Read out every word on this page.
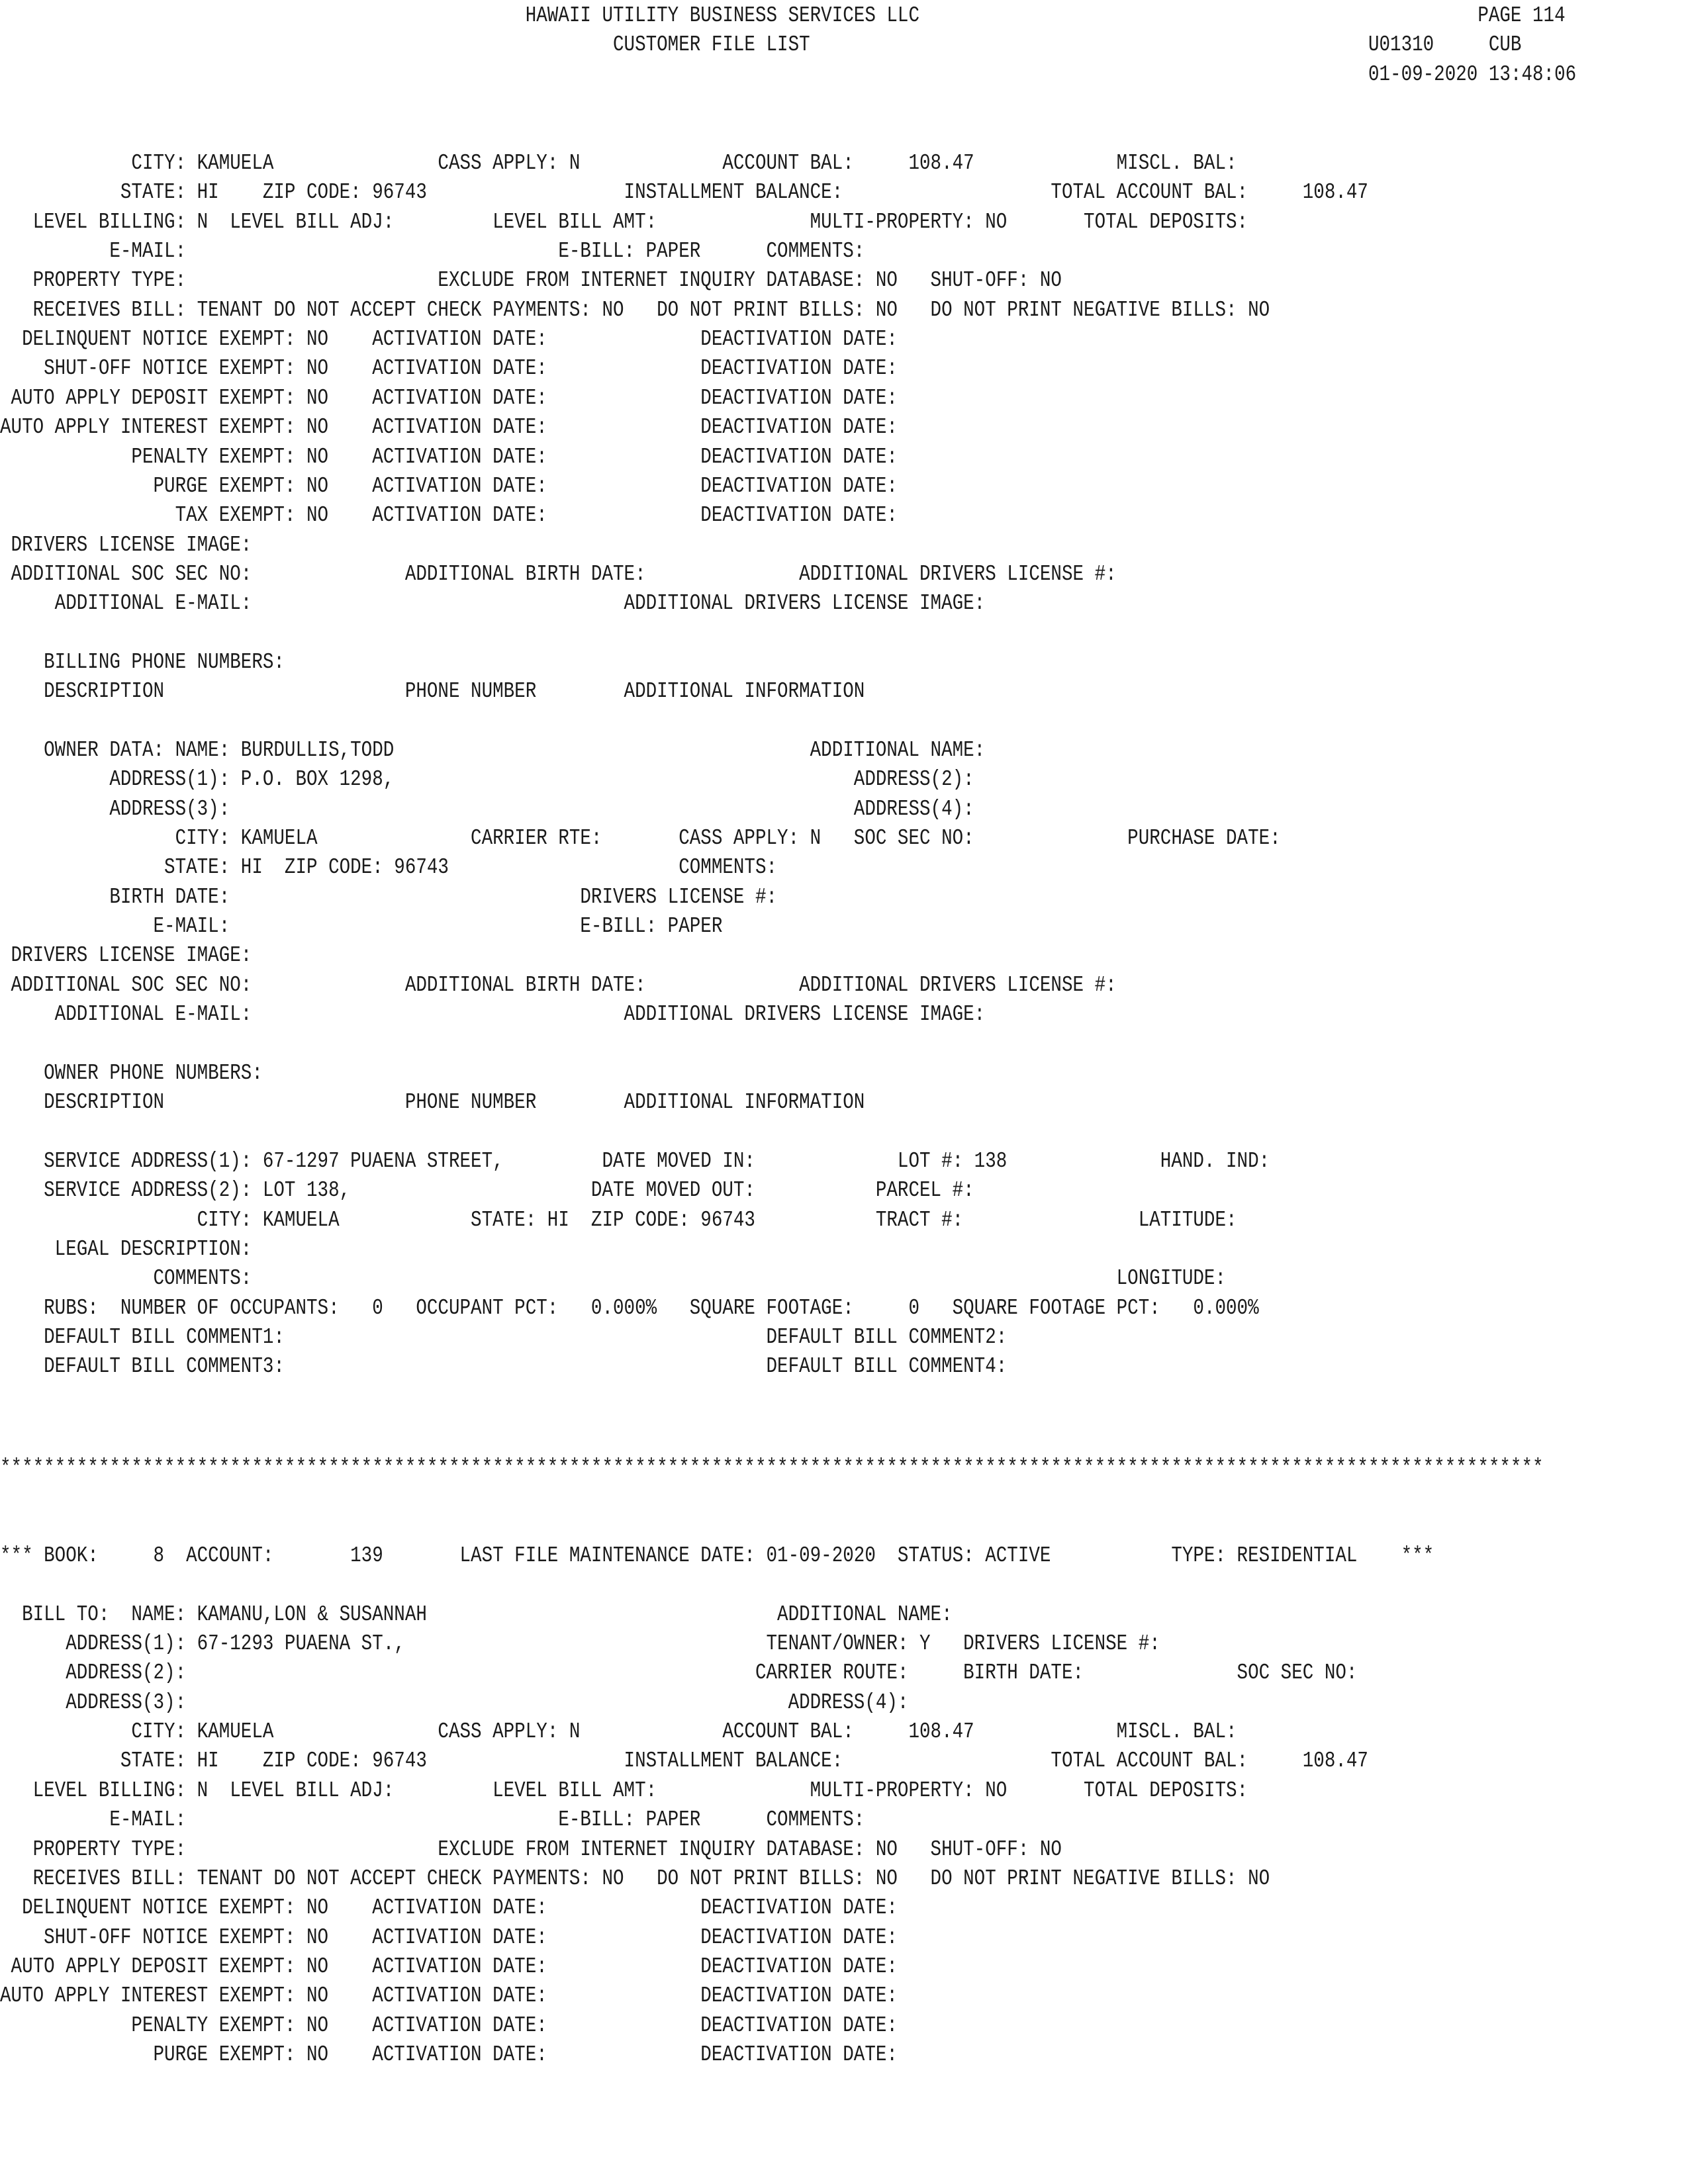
HAWAII UTILITY BUSINESS SERVICES LLC                                                   PAGE 114
CUSTOMER FILE LIST                                                   U01310     CUB
01-09-2020 13:48:06
CITY: KAMUELA               CASS APPLY: N             ACCOUNT BAL:     108.47             MISCL. BAL:
STATE: HI    ZIP CODE: 96743                  INSTALLMENT BALANCE:                   TOTAL ACCOUNT BAL:     108.47
LEVEL BILLING: N  LEVEL BILL ADJ:         LEVEL BILL AMT:              MULTI-PROPERTY: NO       TOTAL DEPOSITS:
E-MAIL:                                  E-BILL: PAPER      COMMENTS:
PROPERTY TYPE:                       EXCLUDE FROM INTERNET INQUIRY DATABASE: NO   SHUT-OFF: NO
RECEIVES BILL: TENANT DO NOT ACCEPT CHECK PAYMENTS: NO   DO NOT PRINT BILLS: NO   DO NOT PRINT NEGATIVE BILLS: NO
DELINQUENT NOTICE EXEMPT: NO    ACTIVATION DATE:              DEACTIVATION DATE:
SHUT-OFF NOTICE EXEMPT: NO    ACTIVATION DATE:              DEACTIVATION DATE:
AUTO APPLY DEPOSIT EXEMPT: NO    ACTIVATION DATE:              DEACTIVATION DATE:
AUTO APPLY INTEREST EXEMPT: NO    ACTIVATION DATE:              DEACTIVATION DATE:
PENALTY EXEMPT: NO    ACTIVATION DATE:              DEACTIVATION DATE:
PURGE EXEMPT: NO    ACTIVATION DATE:              DEACTIVATION DATE:
TAX EXEMPT: NO    ACTIVATION DATE:              DEACTIVATION DATE:
DRIVERS LICENSE IMAGE:
ADDITIONAL SOC SEC NO:              ADDITIONAL BIRTH DATE:              ADDITIONAL DRIVERS LICENSE #:
ADDITIONAL E-MAIL:                                  ADDITIONAL DRIVERS LICENSE IMAGE:
BILLING PHONE NUMBERS:
DESCRIPTION                      PHONE NUMBER        ADDITIONAL INFORMATION
OWNER DATA: NAME: BURDULLIS,TODD                                      ADDITIONAL NAME:
ADDRESS(1): P.O. BOX 1298,                                          ADDRESS(2):
ADDRESS(3):                                                         ADDRESS(4):
CITY: KAMUELA              CARRIER RTE:       CASS APPLY: N   SOC SEC NO:              PURCHASE DATE:
STATE: HI  ZIP CODE: 96743                     COMMENTS:
BIRTH DATE:                                DRIVERS LICENSE #:
E-MAIL:                                E-BILL: PAPER
DRIVERS LICENSE IMAGE:
ADDITIONAL SOC SEC NO:              ADDITIONAL BIRTH DATE:              ADDITIONAL DRIVERS LICENSE #:
ADDITIONAL E-MAIL:                                  ADDITIONAL DRIVERS LICENSE IMAGE:
OWNER PHONE NUMBERS:
DESCRIPTION                      PHONE NUMBER        ADDITIONAL INFORMATION
SERVICE ADDRESS(1): 67-1297 PUAENA STREET,         DATE MOVED IN:             LOT #: 138              HAND. IND:
SERVICE ADDRESS(2): LOT 138,                      DATE MOVED OUT:           PARCEL #:
CITY: KAMUELA            STATE: HI  ZIP CODE: 96743           TRACT #:                LATITUDE:
LEGAL DESCRIPTION:
COMMENTS:                                                                               LONGITUDE:
RUBS:  NUMBER OF OCCUPANTS:   0   OCCUPANT PCT:   0.000%   SQUARE FOOTAGE:     0   SQUARE FOOTAGE PCT:   0.000%
DEFAULT BILL COMMENT1:                                            DEFAULT BILL COMMENT2:
DEFAULT BILL COMMENT3:                                            DEFAULT BILL COMMENT4:
*********************************************************************************************************************************************
*** BOOK:     8  ACCOUNT:       139       LAST FILE MAINTENANCE DATE: 01-09-2020  STATUS: ACTIVE           TYPE: RESIDENTIAL    ***
BILL TO:  NAME: KAMANU,LON & SUSANNAH                                ADDITIONAL NAME:
ADDRESS(1): 67-1293 PUAENA ST.,                                 TENANT/OWNER: Y   DRIVERS LICENSE #:
ADDRESS(2):                                                    CARRIER ROUTE:     BIRTH DATE:              SOC SEC NO:
ADDRESS(3):                                                       ADDRESS(4):
CITY: KAMUELA               CASS APPLY: N             ACCOUNT BAL:     108.47             MISCL. BAL:
STATE: HI    ZIP CODE: 96743                  INSTALLMENT BALANCE:                   TOTAL ACCOUNT BAL:     108.47
LEVEL BILLING: N  LEVEL BILL ADJ:         LEVEL BILL AMT:              MULTI-PROPERTY: NO       TOTAL DEPOSITS:
E-MAIL:                                  E-BILL: PAPER      COMMENTS:
PROPERTY TYPE:                       EXCLUDE FROM INTERNET INQUIRY DATABASE: NO   SHUT-OFF: NO
RECEIVES BILL: TENANT DO NOT ACCEPT CHECK PAYMENTS: NO   DO NOT PRINT BILLS: NO   DO NOT PRINT NEGATIVE BILLS: NO
DELINQUENT NOTICE EXEMPT: NO    ACTIVATION DATE:              DEACTIVATION DATE:
SHUT-OFF NOTICE EXEMPT: NO    ACTIVATION DATE:              DEACTIVATION DATE:
AUTO APPLY DEPOSIT EXEMPT: NO    ACTIVATION DATE:              DEACTIVATION DATE:
AUTO APPLY INTEREST EXEMPT: NO    ACTIVATION DATE:              DEACTIVATION DATE:
PENALTY EXEMPT: NO    ACTIVATION DATE:              DEACTIVATION DATE:
PURGE EXEMPT: NO    ACTIVATION DATE:              DEACTIVATION DATE:
